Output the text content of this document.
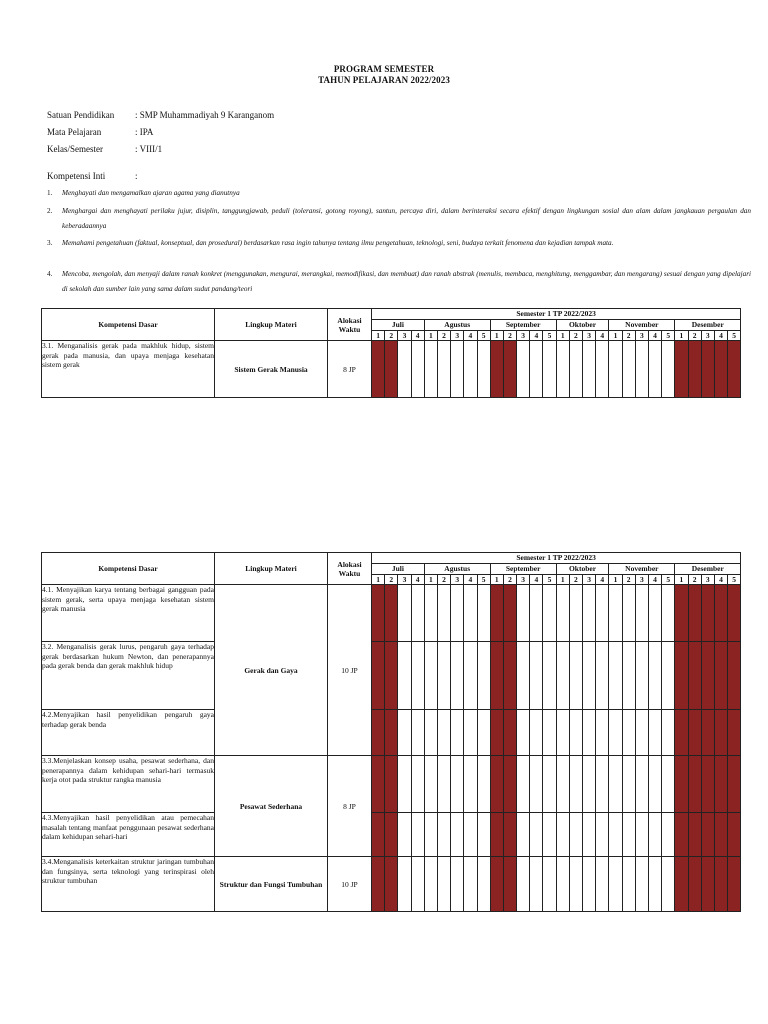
PROGRAM SEMESTER
TAHUN PELAJARAN 2022/2023
Satuan Pendidikan : SMP Muhammadiyah 9 Karanganom
Mata Pelajaran	: IPA
Kelas/Semester	: VIII/1
Kompetensi Inti	:
1. Menghayati dan mengamalkan ajaran agama yang dianutnya
2. Menghargai dan menghayati perilaku jujur, disiplin, tanggungjawab, peduli (toleransi, gotong royong), santun, percaya diri, dalam berinteraksi secara efektif dengan lingkungan sosial dan alam dalam jangkauan pergaulan dan keberadaannya
3. Memahami pengetahuan (faktual, konseptual, dan prosedural) berdasarkan rasa ingin tahunya tentang ilmu pengetahuan, teknologi, seni, budaya terkait fenomena dan kejadian tampak mata.
4. Mencoba, mengolah, dan menyaji dalam ranah konkret (menggunakan, mengurai, merangkai, memodifikasi, dan membuat) dan ranah abstrak (menulis, membaca, menghitung, menggambar, dan mengarang) sesuai dengan yang dipelajari di sekolah dan sumber lain yang sama dalam sudut pandang/teori
Kompetensi Dasar	Lingkup Materi	Alokasi Waktu	Semester 1 TP 2022/2023																											
			Juli				Agustus					September					Oktober				November					Desember				
			1	2	3	4	1	2	3	4	5	1	2	3	4	5	1	2	3	4	1	2	3	4	5	1	2	3	4	5
3.1. Menganalisis gerak pada makhluk hidup, sistem gerak pada manusia, dan upaya menjaga kesehatan sistem gerak	Sistem Gerak Manusia	8 JP																												
Kompetensi Dasar	Lingkup Materi	Alokasi Waktu	Semester 1 TP 2022/2023																											
			Juli				Agustus					September					Oktober				November					Desember				
			1	2	3	4	1	2	3	4	5	1	2	3	4	5	1	2	3	4	1	2	3	4	5	1	2	3	4	5
4.1. Menyajikan karya tentang berbagai gangguan pada sistem gerak, serta upaya menjaga kesehatan sistem gerak manusia	Gerak dan Gaya	10 JP																												
3.2. Menganalisis gerak lurus, pengaruh gaya terhadap gerak berdasarkan hukum Newton, dan penerapannya pada gerak benda dan gerak makhluk hidup																														
4.2.Menyajikan hasil penyelidikan pengaruh gaya terhadap gerak benda																														
3.3.Menjelaskan konsep usaha, pesawat sederhana, dan penerapannya dalam kehidupan sehari-hari termasuk kerja otot pada struktur rangka manusia	Pesawat Sederhana	8 JP																												
4.3.Menyajikan hasil penyelidikan atau pemecahan masalah tentang manfaat penggunaan pesawat sederhana dalam kehidupan sehari-hari																														
3.4.Menganalisis keterkaitan struktur jaringan tumbuhan dan fungsinya, serta teknologi yang terinspirasi oleh struktur tumbuhan	Struktur dan Fungsi Tumbuhan	10 JP																												
